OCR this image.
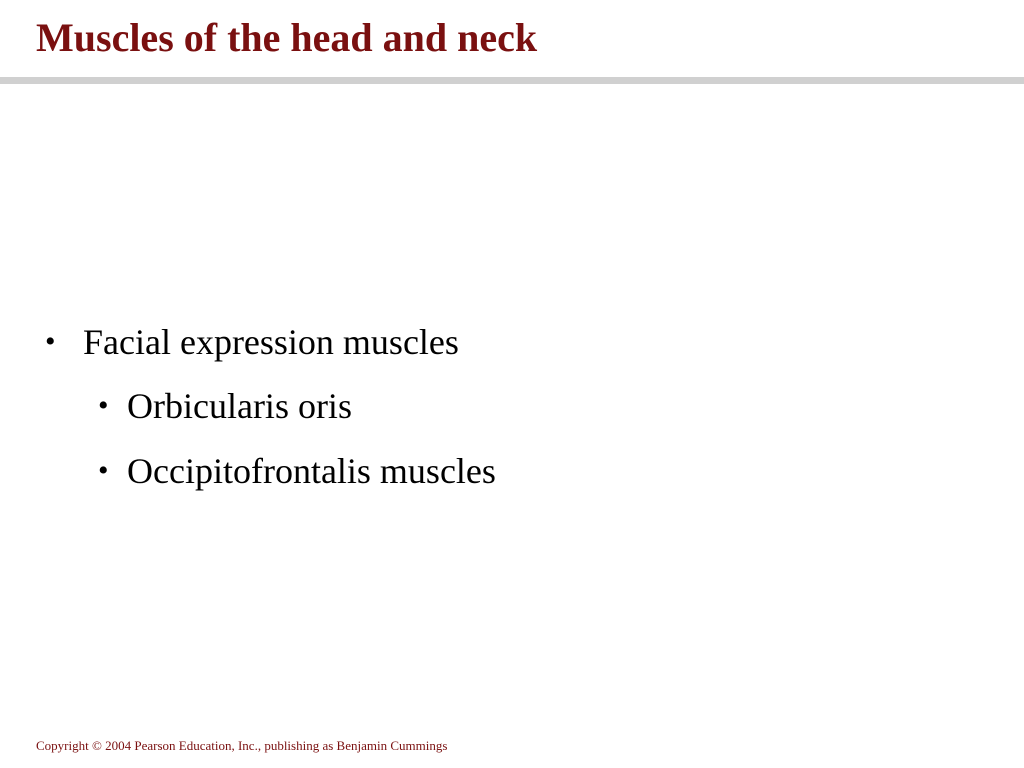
Muscles of the head and neck
• Facial expression muscles
• Orbicularis oris
• Occipitofrontalis muscles
Copyright © 2004 Pearson Education, Inc., publishing as Benjamin Cummings
